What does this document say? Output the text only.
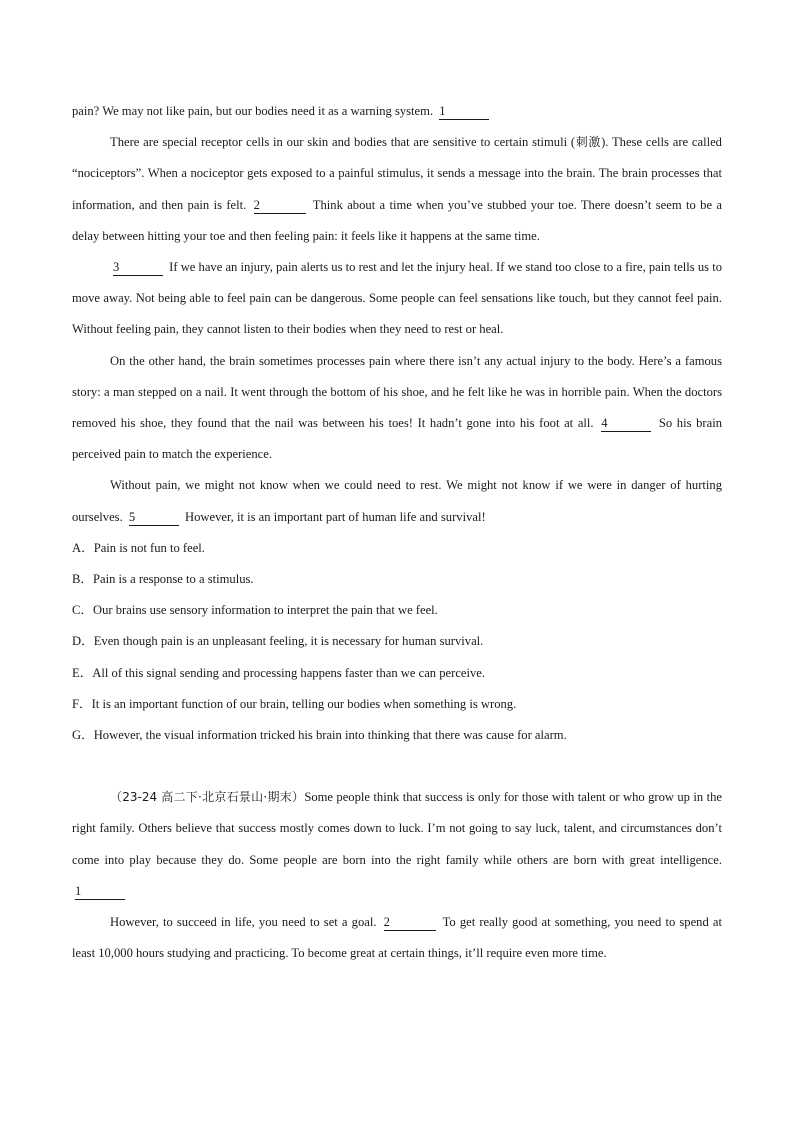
pain? We may not like pain, but our bodies need it as a warning system. 1

There are special receptor cells in our skin and bodies that are sensitive to certain stimuli (刺激). These cells are called “nociceptors”. When a nociceptor gets exposed to a painful stimulus, it sends a message into the brain. The brain processes that information, and then pain is felt. 2	Think about a time when you’ve stubbed your toe. There doesn’t seem to be a delay between hitting your toe and then feeling pain: it feels like it happens at the same time.

3	If we have an injury, pain alerts us to rest and let the injury heal. If we stand too close to a fire, pain tells us to move away. Not being able to feel pain can be dangerous. Some people can feel sensations like touch, but they cannot feel pain. Without feeling pain, they cannot listen to their bodies when they need to rest or heal.

On the other hand, the brain sometimes processes pain where there isn’t any actual injury to the body. Here’s a famous story: a man stepped on a nail. It went through the bottom of his shoe, and he felt like he was in horrible pain. When the doctors removed his shoe, they found that the nail was between his toes! It hadn’t gone into his foot at all. 4	So his brain perceived pain to match the experience.

Without pain, we might not know when we could need to rest. We might not know if we were in danger of hurting ourselves. 5	However, it is an important part of human life and survival!

A．Pain is not fun to feel.

B．Pain is a response to a stimulus.

C．Our brains use sensory information to interpret the pain that we feel.

D．Even though pain is an unpleasant feeling, it is necessary for human survival.

E．All of this signal sending and processing happens faster than we can perceive.

F．It is an important function of our brain, telling our bodies when something is wrong.

G．However, the visual information tricked his brain into thinking that there was cause for alarm.

（23-24 高二下·北京石景山·期末）Some people think that success is only for those with talent or who grow up in the right family. Others believe that success mostly comes down to luck. I’m not going to say luck, talent, and circumstances don’t come into play because they do. Some people are born into the right family while others are born with great intelligence. 1

However, to succeed in life, you need to set a goal. 2	To get really good at something, you need to spend at least 10,000 hours studying and practicing. To become great at certain things, it’ll require even more time.
